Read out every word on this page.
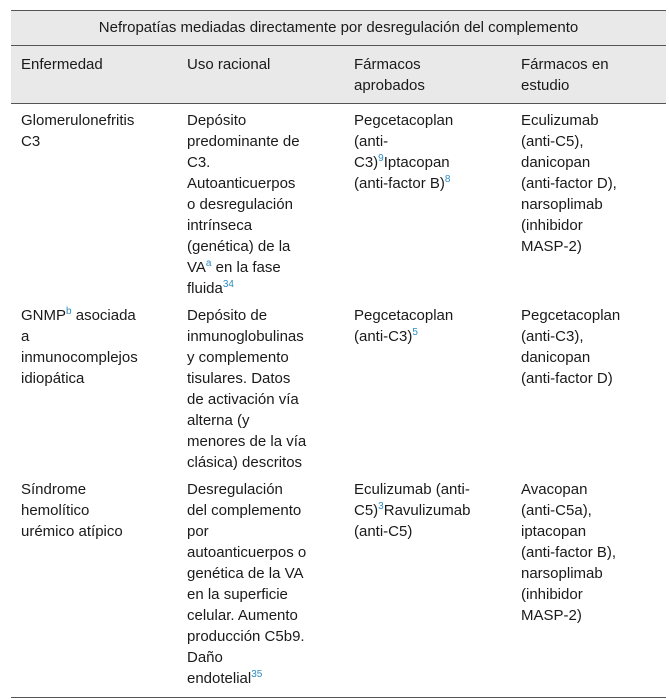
Nefropatías mediadas directamente por desregulación del complemento
Enfermedad	Uso racional	Fármacos
aprobados
Fármacos en
estudio
Glomerulonefritis
C3
Depósito
predominante de
C3.
Autoanticuerpos
o desregulación
intrínseca
(genética) de la
$VA^a$ en la fase
fluida$^{34}$
Pegcetacoplan
(anti-
C3)$^9$Iptacopan
(anti-factor B)$^8$
Eculizumab
(anti-C5),
danicopan
(anti-factor D),
narsoplimab
(inhibidor
MASP-2)
GNMP$^b$ asociada
a
inmunocomplejos
idiopática
Depósito de
inmunoglobulinas
y complemento
tisulares. Datos
de activación vía
alterna (y
menores de la vía
clásica) descritos
Pegcetacoplan
(anti-C3)$^5$
Pegcetacoplan
(anti-C3),
danicopan
(anti-factor D)
Síndrome
hemolítico
urémico atípico
Desregulación
del complemento
por
autoanticuerpos o
genética de la VA
en la superficie
celular. Aumento
producción C5b9.
Daño
endotelial$^{35}$
Eculizumab (anti-
C5)$^3$Ravulizumab
(anti-C5)
Avacopan
(anti-C5a),
iptacopan
(anti-factor B),
narsoplimab
(inhibidor
MASP-2)
